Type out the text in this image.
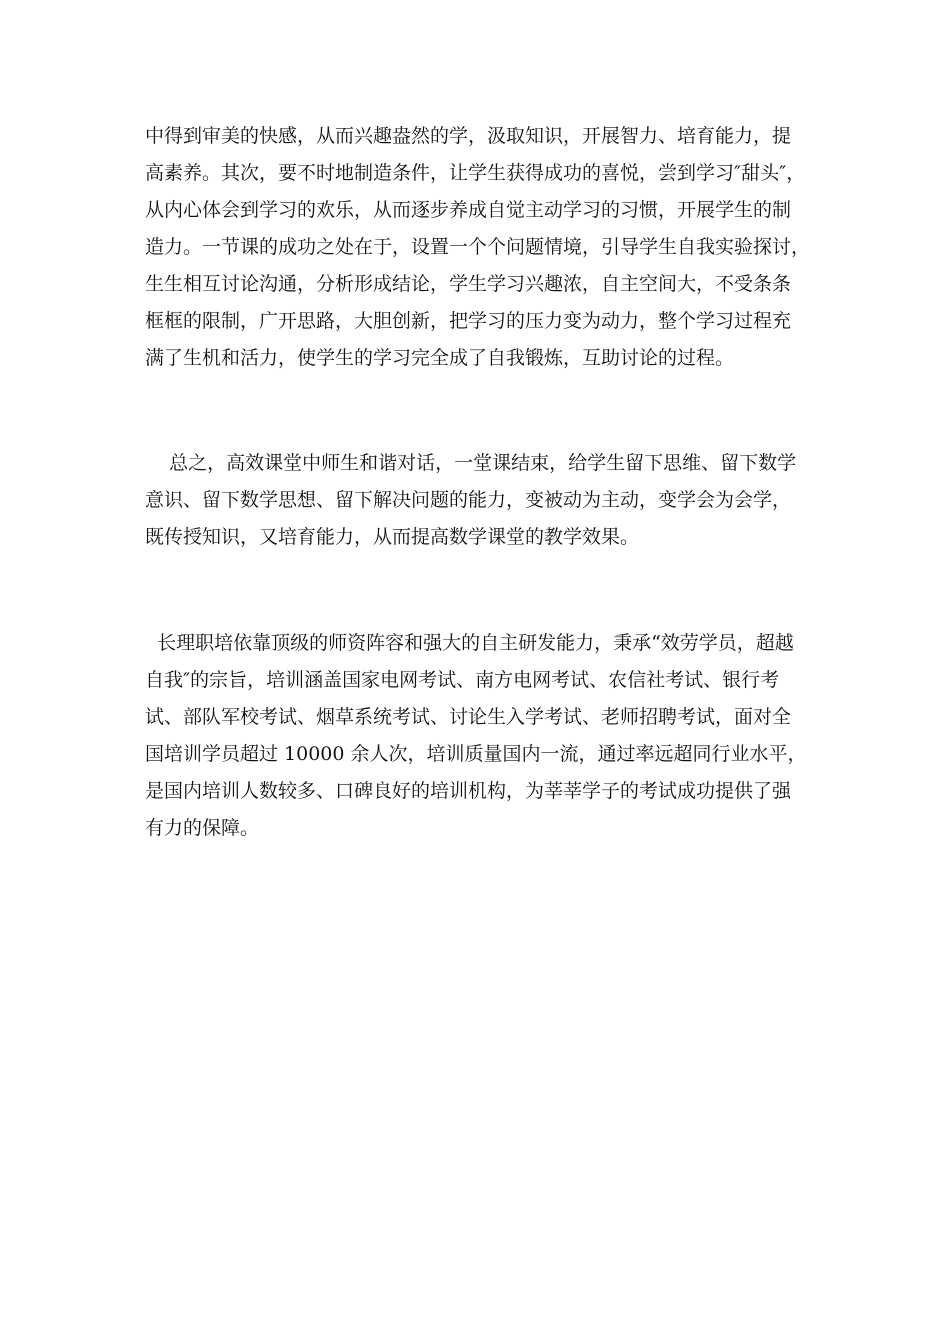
中得到审美的快感，从而兴趣盎然的学，汲取知识，开展智力、培育能力，提
高素养。其次，要不时地制造条件，让学生获得成功的喜悦，尝到学习″甜头″，
从内心体会到学习的欢乐，从而逐步养成自觉主动学习的习惯，开展学生的制
造力。一节课的成功之处在于，设置一个个问题情境，引导学生自我实验探讨，
生生相互讨论沟通，分析形成结论，学生学习兴趣浓，自主空间大，不受条条
框框的限制，广开思路，大胆创新，把学习的压力变为动力，整个学习过程充
满了生机和活力，使学生的学习完全成了自我锻炼，互助讨论的过程。
总之，高效课堂中师生和谐对话，一堂课结束，给学生留下思维、留下数学
意识、留下数学思想、留下解决问题的能力，变被动为主动，变学会为会学，
既传授知识，又培育能力，从而提高数学课堂的教学效果。
长理职培依靠顶级的师资阵容和强大的自主研发能力，秉承“效劳学员，超越
自我″的宗旨，培训涵盖国家电网考试、南方电网考试、农信社考试、银行考
试、部队军校考试、烟草系统考试、讨论生入学考试、老师招聘考试，面对全
国培训学员超过 10000 余人次，培训质量国内一流，通过率远超同行业水平，
是国内培训人数较多、口碑良好的培训机构，为莘莘学子的考试成功提供了强
有力的保障。
